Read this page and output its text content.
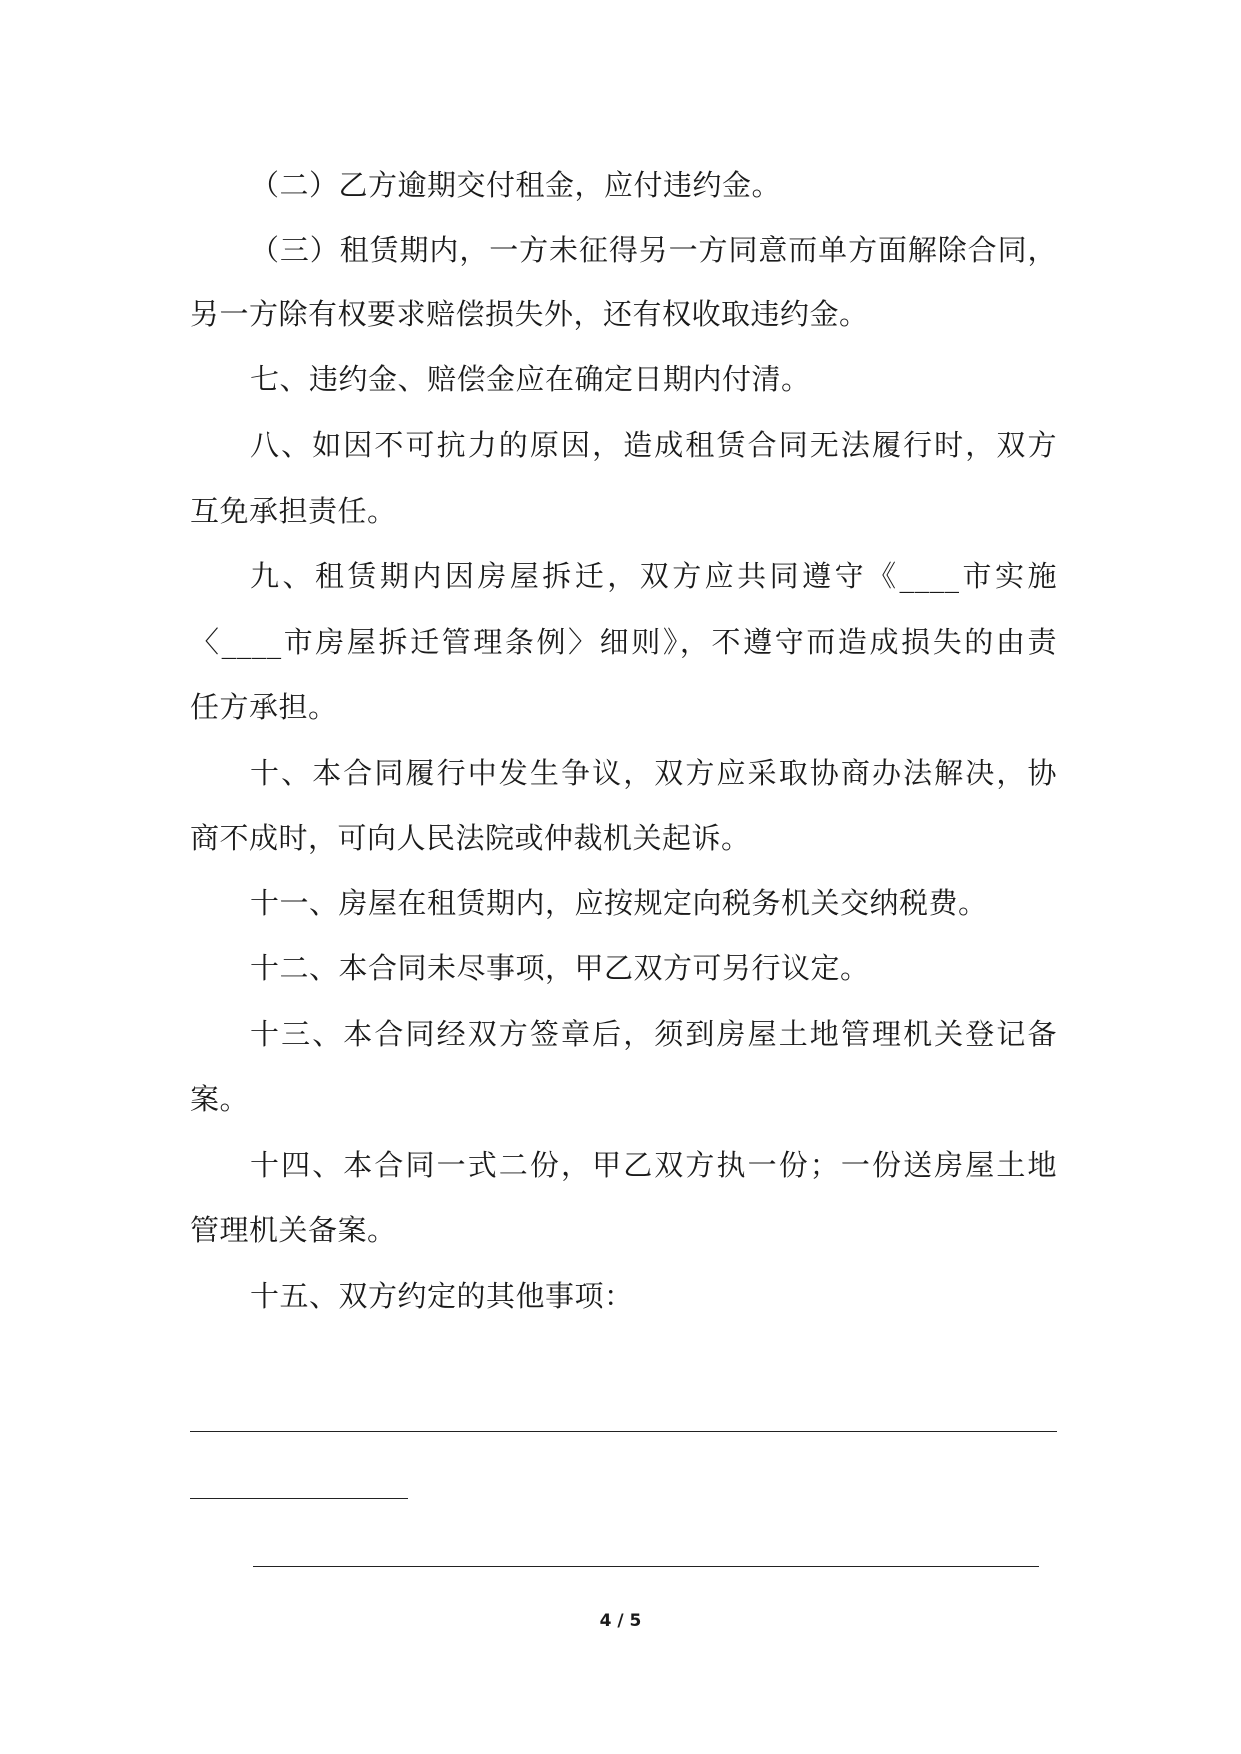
（二）乙方逾期交付租金，应付违约金。
（三）租赁期内，一方未征得另一方同意而单方面解除合同，
另一方除有权要求赔偿损失外，还有权收取违约金。
七、违约金、赔偿金应在确定日期内付清。
八、如因不可抗力的原因，造成租赁合同无法履行时，双方
互免承担责任。
九、租赁期内因房屋拆迁，双方应共同遵守《____市实施
〈____市房屋拆迁管理条例〉细则》，不遵守而造成损失的由责
任方承担。
十、本合同履行中发生争议，双方应采取协商办法解决，协
商不成时，可向人民法院或仲裁机关起诉。
十一、房屋在租赁期内，应按规定向税务机关交纳税费。
十二、本合同未尽事项，甲乙双方可另行议定。
十三、本合同经双方签章后，须到房屋土地管理机关登记备
案。
十四、本合同一式二份，甲乙双方执一份；一份送房屋土地
管理机关备案。
十五、双方约定的其他事项：
4 / 5
